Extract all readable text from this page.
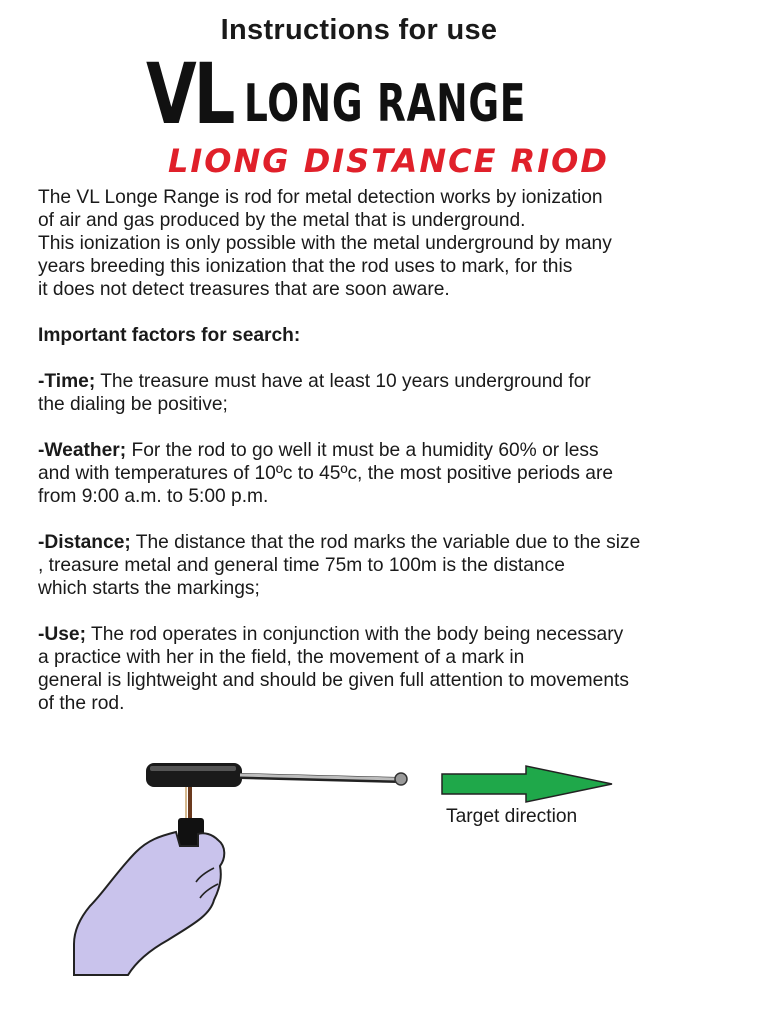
Instructions for use
VL LONG RANGE
LIONG DISTANCE RIOD

The VL Longe Range is rod for metal detection works by ionization

of air and gas produced by the metal that is underground.

This ionization is only possible with the metal underground by many

years breeding this ionization that the rod uses to mark, for this

it does not detect treasures that are soon aware.

Important factors for search:

-Time; The treasure must have at least 10 years underground for

the dialing be positive;

-Weather; For the rod to go well it must be a humidity 60% or less

and with temperatures of 10ºc to 45ºc, the most positive periods are

from 9:00 a.m. to 5:00 p.m.

-Distance; The distance that the rod marks the variable due to the size

, treasure metal and general time 75m to 100m is the distance

which starts the markings;

-Use; The rod operates in conjunction with the body being necessary

a practice with her in the field, the movement of a mark in

general is lightweight and should be given full attention to movements

of the rod.

Target direction
